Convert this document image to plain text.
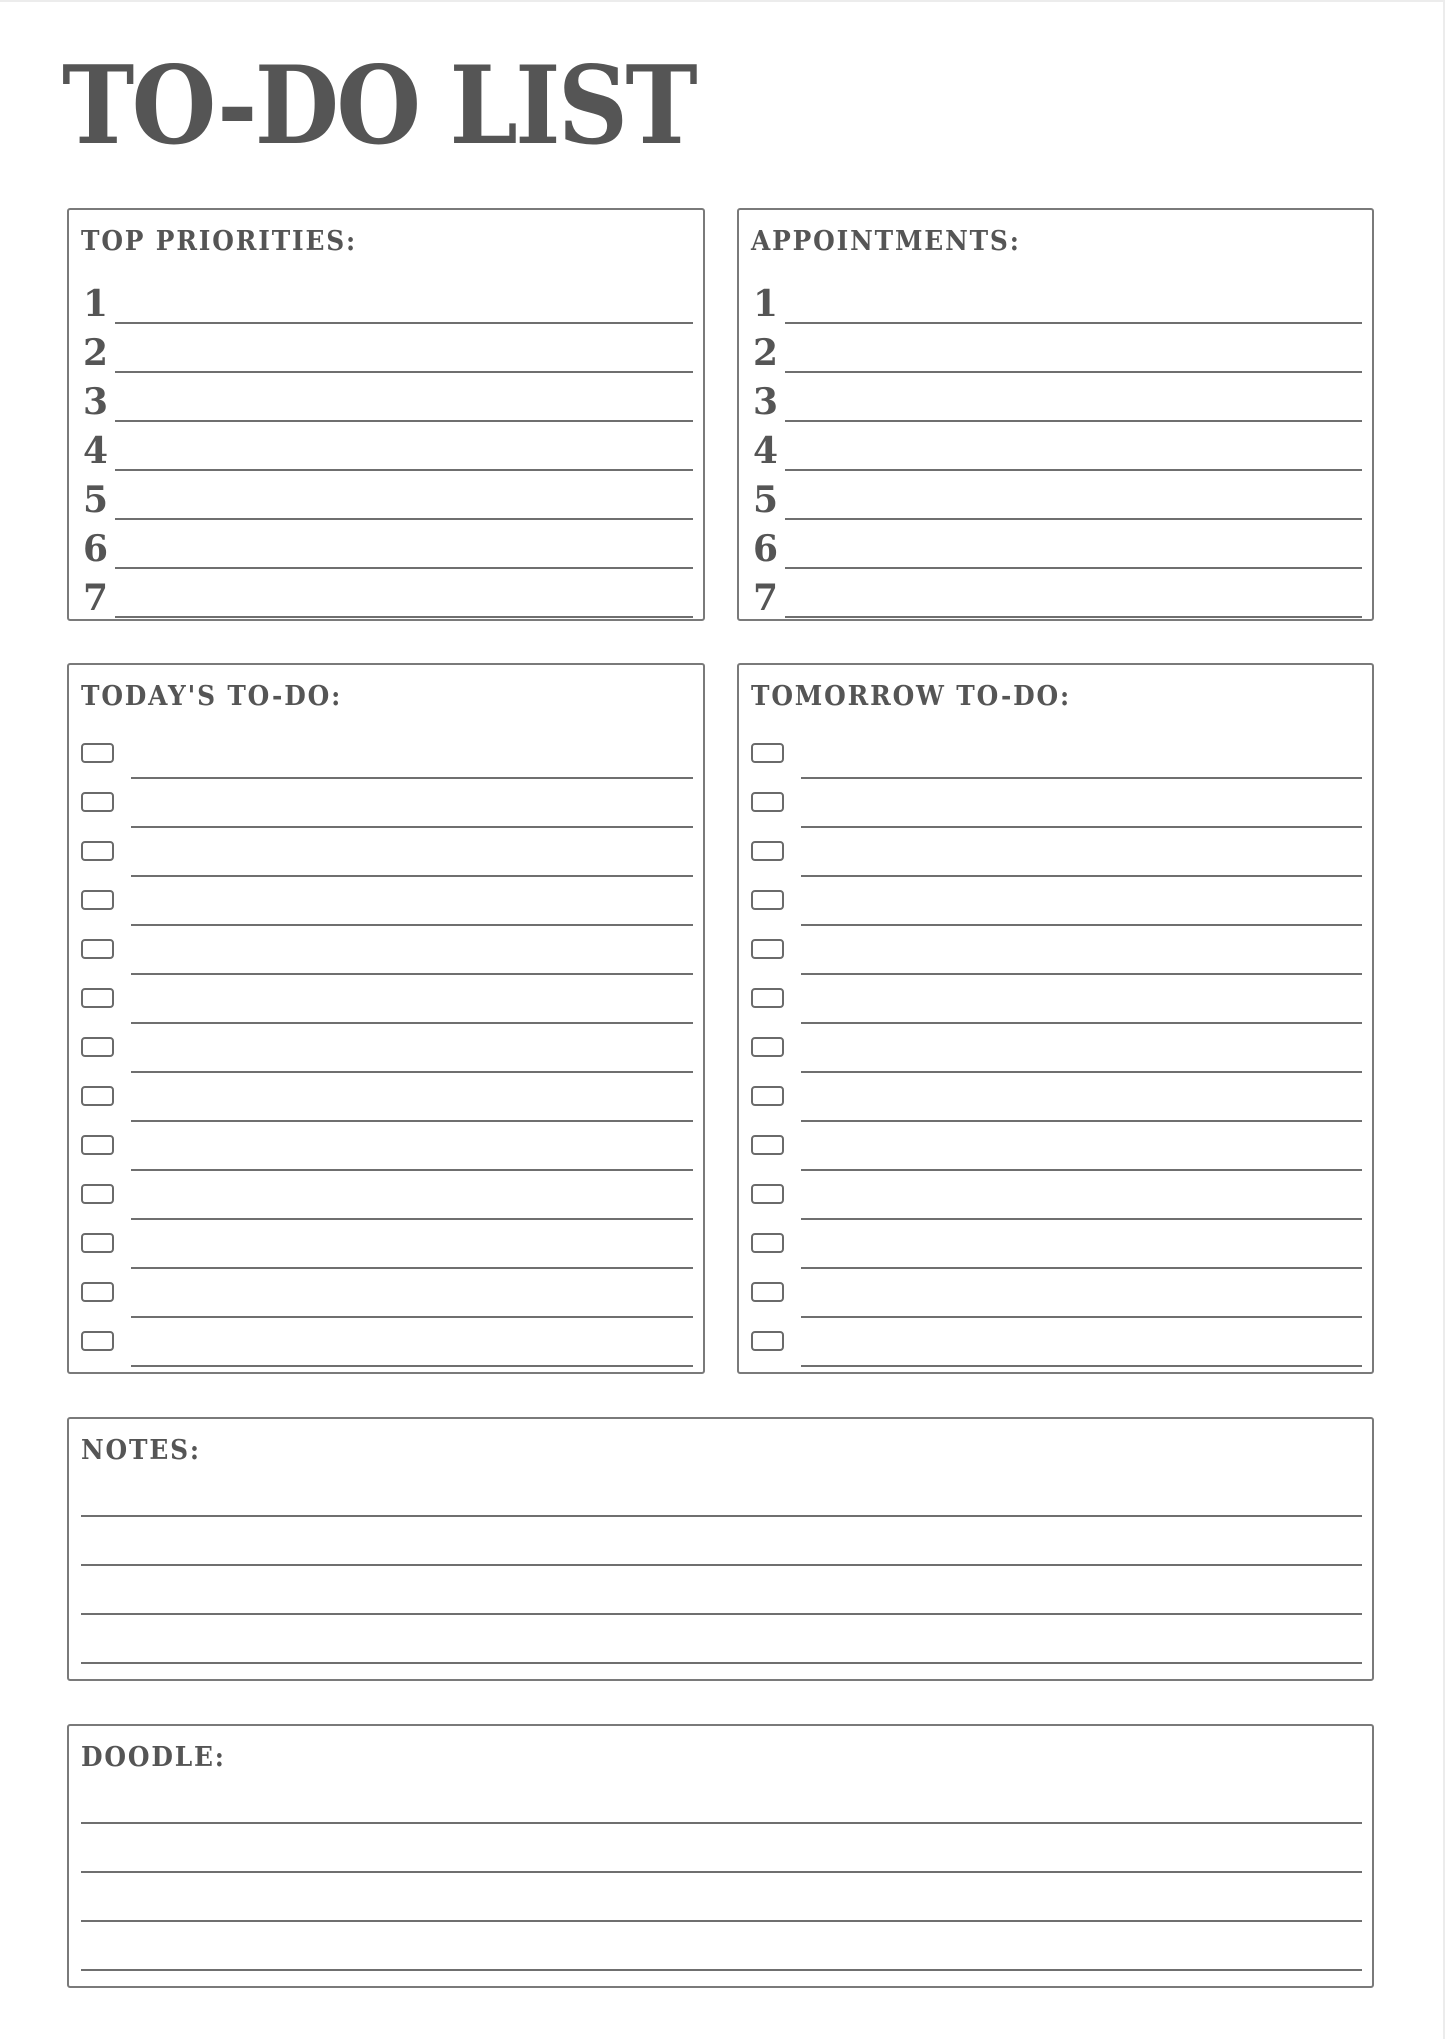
TO-DO LIST
TOP PRIORITIES:
1
2
3
4
5
6
7
APPOINTMENTS:
1
2
3
4
5
6
7
TODAY'S TO-DO:	TOMORROW TO-DO:
NOTES:
DOODLE:
